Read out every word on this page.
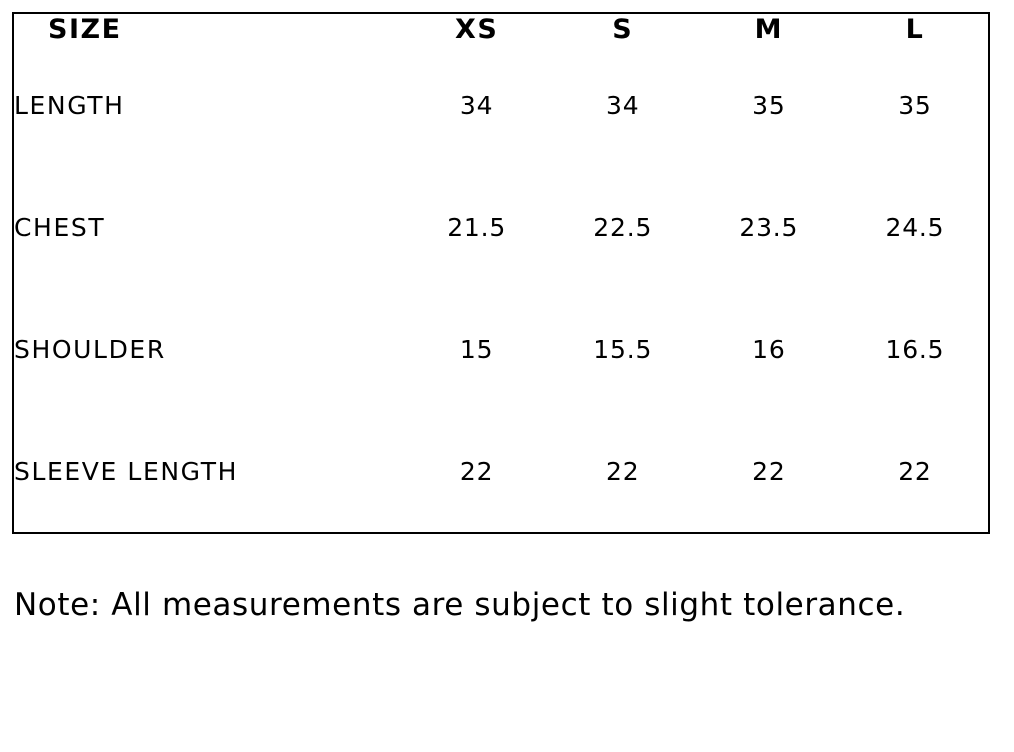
SIZE	XS	S	M	L
LENGTH	34	34	35	35
CHEST	21.5	22.5	23.5	24.5
SHOULDER	15	15.5	16	16.5
SLEEVE LENGTH	22	22	22	22
Note: All measurements are subject to slight tolerance.
